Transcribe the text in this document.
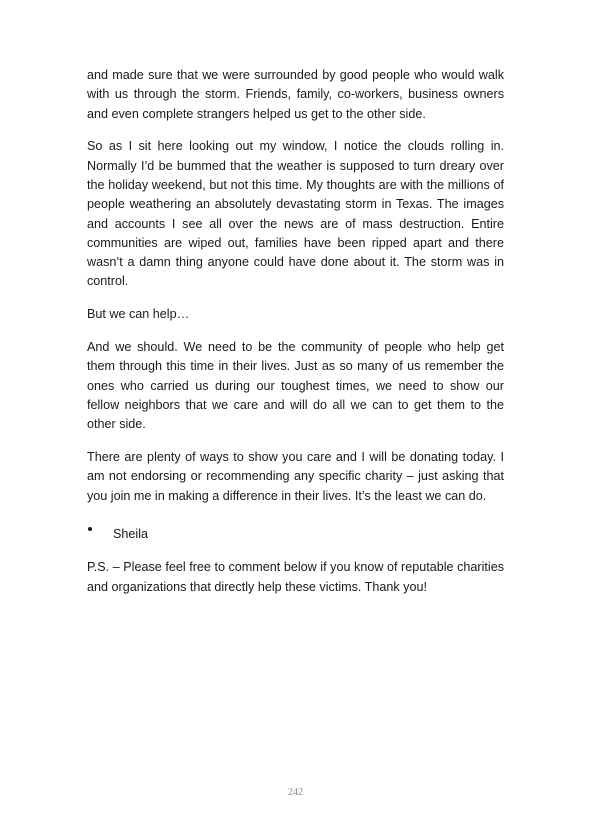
and made sure that we were surrounded by good people who would walk with us through the storm. Friends, family, co-workers, business owners and even complete strangers helped us get to the other side.

So as I sit here looking out my window, I notice the clouds rolling in. Normally I’d be bummed that the weather is supposed to turn dreary over the holiday weekend, but not this time. My thoughts are with the millions of people weathering an absolutely devastating storm in Texas. The images and accounts I see all over the news are of mass destruction. Entire communities are wiped out, families have been ripped apart and there wasn’t a damn thing anyone could have done about it. The storm was in control.

But we can help…

And we should. We need to be the community of people who help get them through this time in their lives. Just as so many of us remember the ones who carried us during our toughest times, we need to show our fellow neighbors that we care and will do all we can to get them to the other side.

There are plenty of ways to show you care and I will be donating today. I am not endorsing or recommending any specific charity – just asking that you join me in making a difference in their lives. It’s the least we can do.

Sheila

P.S. – Please feel free to comment below if you know of reputable charities and organizations that directly help these victims. Thank you!

242
